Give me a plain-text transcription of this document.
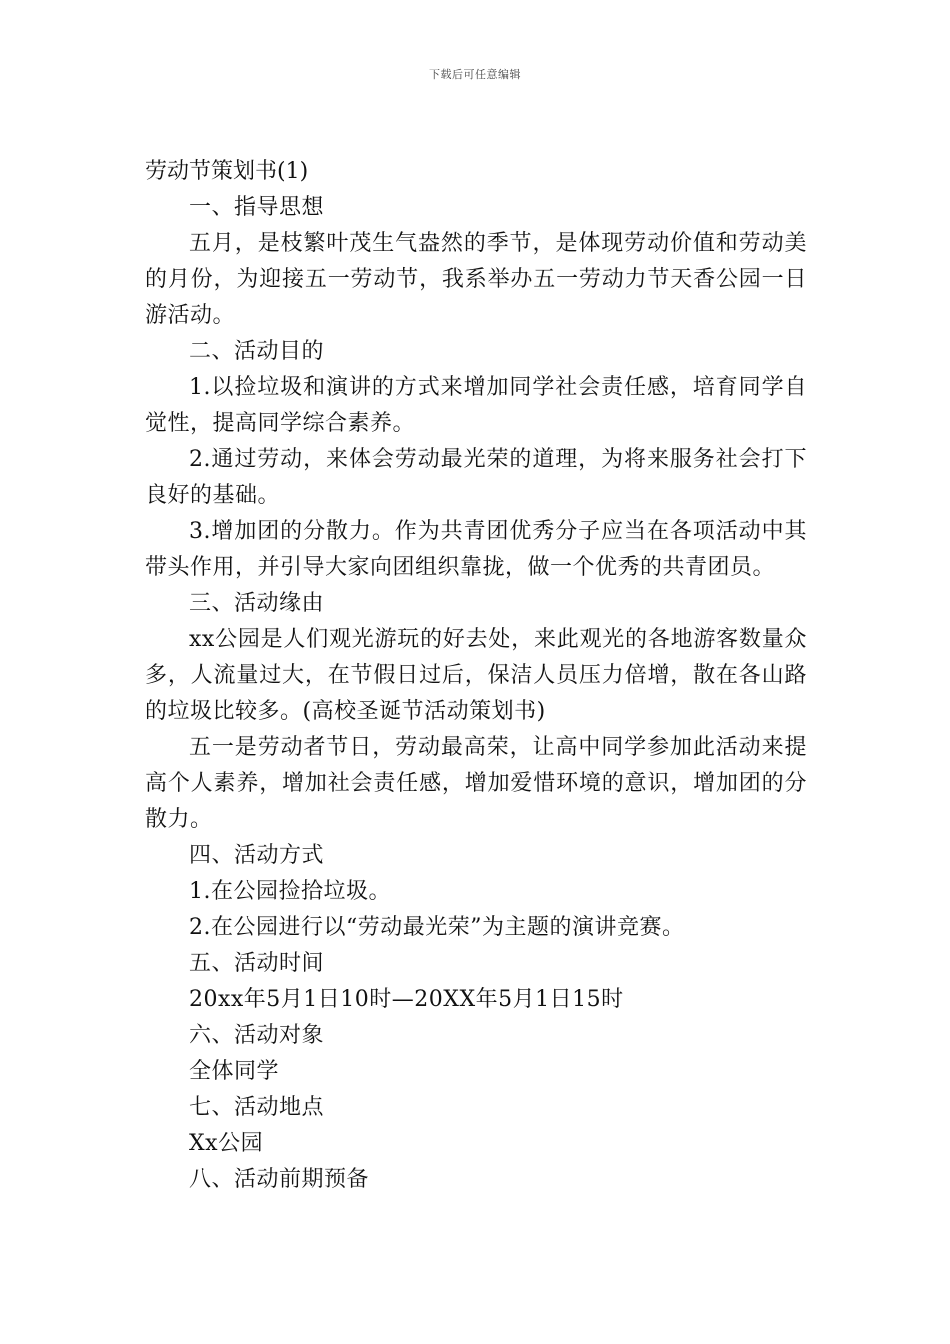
下载后可任意编辑

劳动节策划书(1)

一、指导思想

五月，是枝繁叶茂生气盎然的季节，是体现劳动价值和劳动美的月份，为迎接五一劳动节，我系举办五一劳动力节天香公园一日游活动。

二、活动目的

1.以捡垃圾和演讲的方式来增加同学社会责任感，培育同学自觉性，提高同学综合素养。

2.通过劳动，来体会劳动最光荣的道理，为将来服务社会打下良好的基础。

3.增加团的分散力。作为共青团优秀分子应当在各项活动中其带头作用，并引导大家向团组织靠拢，做一个优秀的共青团员。

三、活动缘由

xx公园是人们观光游玩的好去处，来此观光的各地游客数量众多，人流量过大，在节假日过后，保洁人员压力倍增，散在各山路的垃圾比较多。(高校圣诞节活动策划书)

五一是劳动者节日，劳动最高荣，让高中同学参加此活动来提高个人素养，增加社会责任感，增加爱惜环境的意识，增加团的分散力。

四、活动方式

1.在公园捡拾垃圾。

2.在公园进行以“劳动最光荣”为主题的演讲竞赛。

五、活动时间

20xx年5月1日10时—20XX年5月1日15时

六、活动对象

全体同学

七、活动地点

Xx公园

八、活动前期预备
